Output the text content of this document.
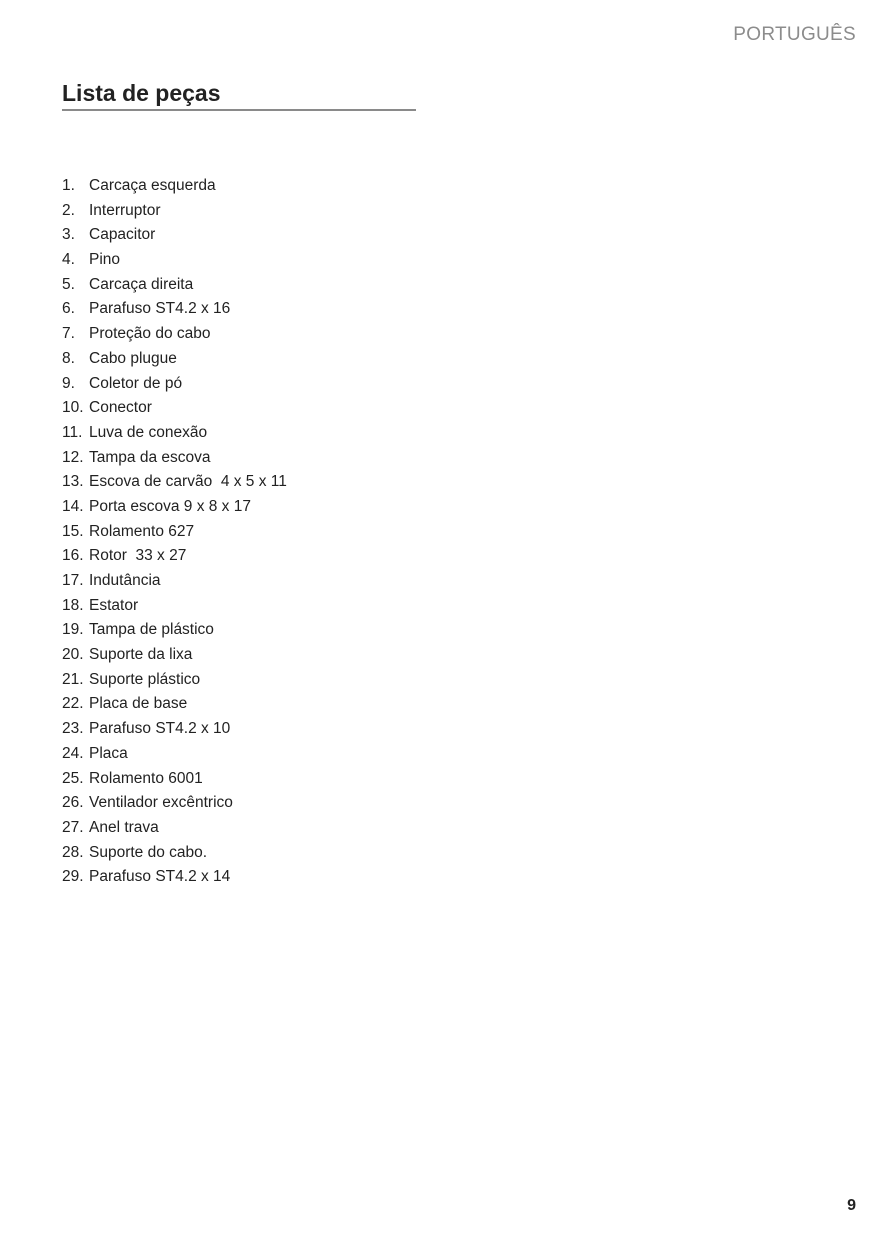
PORTUGUÊS
Lista de peças
1. Carcaça esquerda
2. Interruptor
3. Capacitor
4. Pino
5. Carcaça direita
6. Parafuso ST4.2 x 16
7. Proteção do cabo
8. Cabo plugue
9. Coletor de pó
10. Conector
11. Luva de conexão
12. Tampa da escova
13. Escova de carvão  4 x 5 x 11
14. Porta escova 9 x 8 x 17
15. Rolamento 627
16. Rotor  33 x 27
17. Indutância
18. Estator
19. Tampa de plástico
20. Suporte da lixa
21. Suporte plástico
22. Placa de base
23. Parafuso ST4.2 x 10
24. Placa
25. Rolamento 6001
26. Ventilador excêntrico
27. Anel trava
28. Suporte do cabo.
29. Parafuso ST4.2 x 14
9
